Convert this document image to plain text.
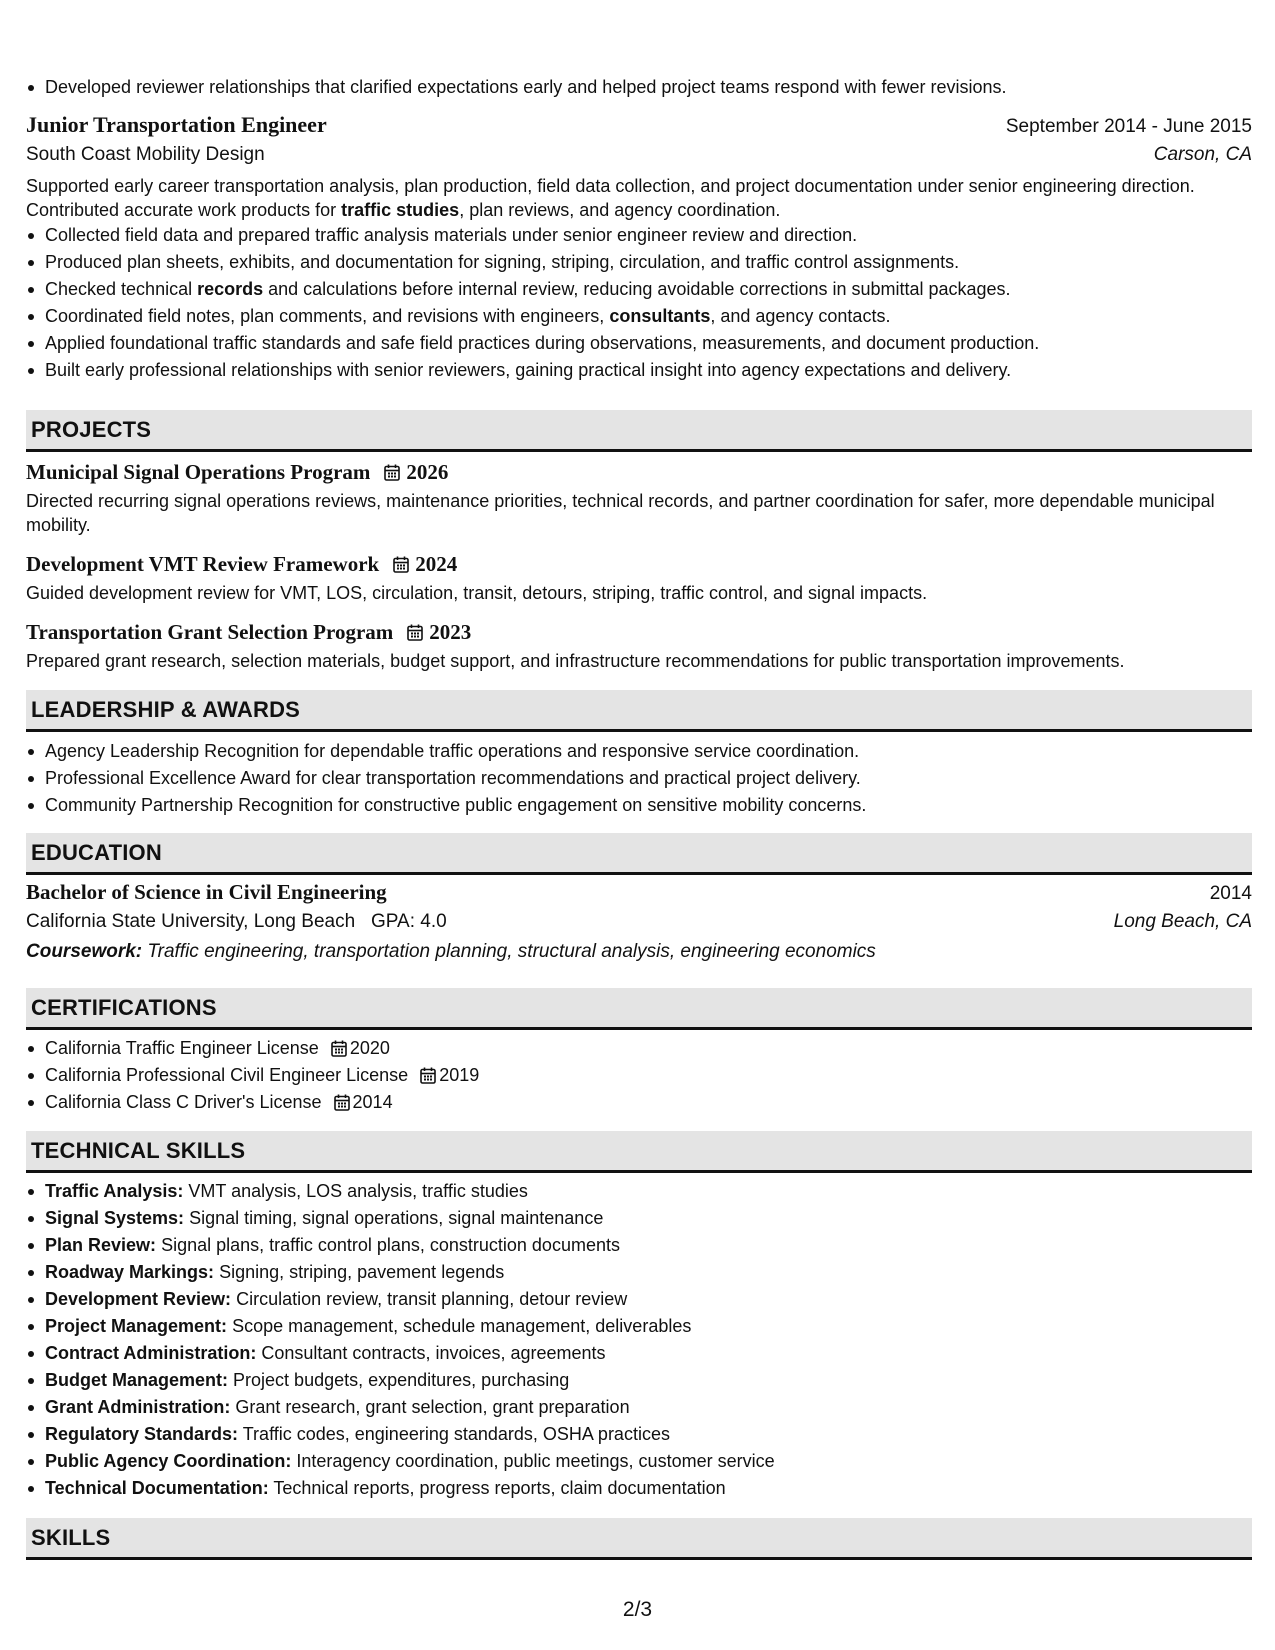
Developed reviewer relationships that clarified expectations early and helped project teams respond with fewer revisions.
Junior Transportation Engineer	September 2014 - June 2015
South Coast Mobility Design	Carson, CA

Supported early career transportation analysis, plan production, field data collection, and project documentation under senior engineering direction. Contributed accurate work products for traffic studies, plan reviews, and agency coordination.

Collected field data and prepared traffic analysis materials under senior engineer review and direction.
Produced plan sheets, exhibits, and documentation for signing, striping, circulation, and traffic control assignments.
Checked technical records and calculations before internal review, reducing avoidable corrections in submittal packages.
Coordinated field notes, plan comments, and revisions with engineers, consultants, and agency contacts.
Applied foundational traffic standards and safe field practices during observations, measurements, and document production.
Built early professional relationships with senior reviewers, gaining practical insight into agency expectations and delivery.
PROJECTS
Municipal Signal Operations Program 2026

Directed recurring signal operations reviews, maintenance priorities, technical records, and partner coordination for safer, more dependable municipal mobility.

Development VMT Review Framework 2024

Guided development review for VMT, LOS, circulation, transit, detours, striping, traffic control, and signal impacts.

Transportation Grant Selection Program 2023

Prepared grant research, selection materials, budget support, and infrastructure recommendations for public transportation improvements.

LEADERSHIP & AWARDS
Agency Leadership Recognition for dependable traffic operations and responsive service coordination.
Professional Excellence Award for clear transportation recommendations and practical project delivery.
Community Partnership Recognition for constructive public engagement on sensitive mobility concerns.
EDUCATION
Bachelor of Science in Civil Engineering	2014
California State University, Long Beach GPA: 4.0	Long Beach, CA

Coursework: Traffic engineering, transportation planning, structural analysis, engineering economics

CERTIFICATIONS
California Traffic Engineer License 2020
California Professional Civil Engineer License 2019
California Class C Driver's License 2014
TECHNICAL SKILLS
Traffic Analysis: VMT analysis, LOS analysis, traffic studies
Signal Systems: Signal timing, signal operations, signal maintenance
Plan Review: Signal plans, traffic control plans, construction documents
Roadway Markings: Signing, striping, pavement legends
Development Review: Circulation review, transit planning, detour review
Project Management: Scope management, schedule management, deliverables
Contract Administration: Consultant contracts, invoices, agreements
Budget Management: Project budgets, expenditures, purchasing
Grant Administration: Grant research, grant selection, grant preparation
Regulatory Standards: Traffic codes, engineering standards, OSHA practices
Public Agency Coordination: Interagency coordination, public meetings, customer service
Technical Documentation: Technical reports, progress reports, claim documentation
SKILLS
2/3
